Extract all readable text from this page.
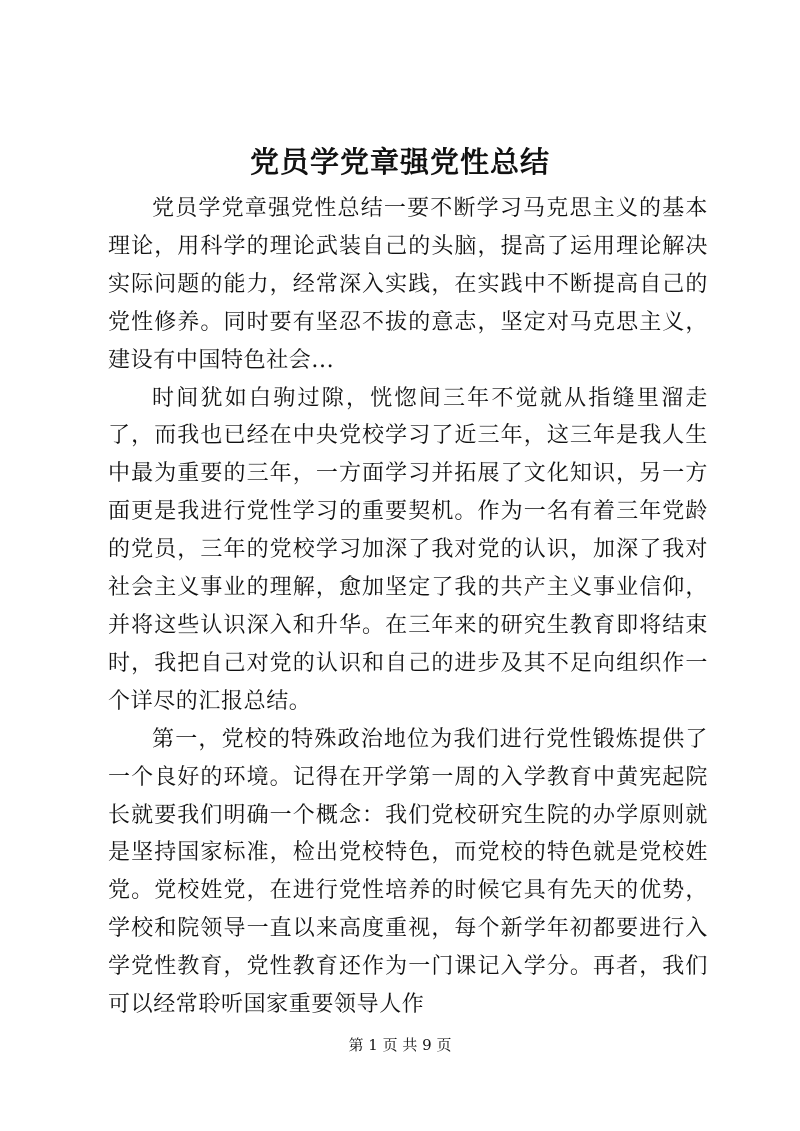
党员学党章强党性总结

党员学党章强党性总结一要不断学习马克思主义的基本理论，用科学的理论武装自己的头脑，提高了运用理论解决实际问题的能力，经常深入实践，在实践中不断提高自己的党性修养。同时要有坚忍不拔的意志，坚定对马克思主义，建设有中国特色社会...

时间犹如白驹过隙，恍惚间三年不觉就从指缝里溜走了，而我也已经在中央党校学习了近三年，这三年是我人生中最为重要的三年，一方面学习并拓展了文化知识，另一方面更是我进行党性学习的重要契机。作为一名有着三年党龄的党员，三年的党校学习加深了我对党的认识，加深了我对社会主义事业的理解，愈加坚定了我的共产主义事业信仰，并将这些认识深入和升华。在三年来的研究生教育即将结束时，我把自己对党的认识和自己的进步及其不足向组织作一个详尽的汇报总结。

第一，党校的特殊政治地位为我们进行党性锻炼提供了一个良好的环境。记得在开学第一周的入学教育中黄宪起院长就要我们明确一个概念：我们党校研究生院的办学原则就是坚持国家标准，检出党校特色，而党校的特色就是党校姓党。党校姓党，在进行党性培养的时候它具有先天的优势，学校和院领导一直以来高度重视，每个新学年初都要进行入学党性教育，党性教育还作为一门课记入学分。再者，我们可以经常聆听国家重要领导人作

第 1 页 共 9 页
